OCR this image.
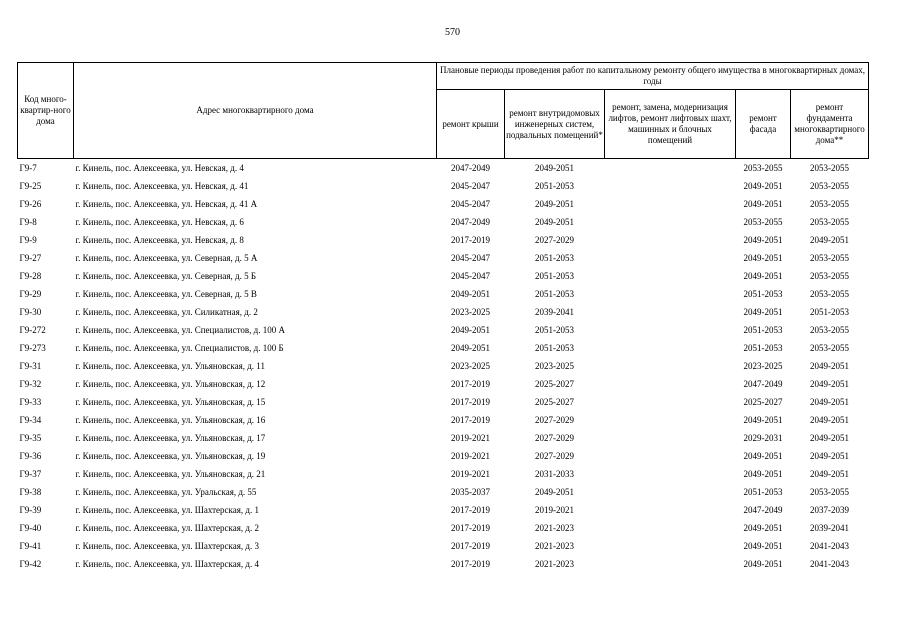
570
Код много-квартир-ного дома	Адрес многоквартирного дома	Плановые периоды проведения работ по капитальному ремонту общего имущества в многоквартирных домах, годы				
		ремонт крыши	ремонт внутридомовых инженерных систем, подвальных помещений*	ремонт, замена, модернизация лифтов, ремонт лифтовых шахт, машинных и блочных помещений	ремонт фасада	ремонт фундамента многоквартирного дома**
Г9-7	г. Кинель, пос. Алексеевка, ул. Невская, д. 4	2047-2049	2049-2051		2053-2055	2053-2055
Г9-25	г. Кинель, пос. Алексеевка, ул. Невская, д. 41	2045-2047	2051-2053		2049-2051	2053-2055
Г9-26	г. Кинель, пос. Алексеевка, ул. Невская, д. 41 А	2045-2047	2049-2051		2049-2051	2053-2055
Г9-8	г. Кинель, пос. Алексеевка, ул. Невская, д. 6	2047-2049	2049-2051		2053-2055	2053-2055
Г9-9	г. Кинель, пос. Алексеевка, ул. Невская, д. 8	2017-2019	2027-2029		2049-2051	2049-2051
Г9-27	г. Кинель, пос. Алексеевка, ул. Северная, д. 5 А	2045-2047	2051-2053		2049-2051	2053-2055
Г9-28	г. Кинель, пос. Алексеевка, ул. Северная, д. 5 Б	2045-2047	2051-2053		2049-2051	2053-2055
Г9-29	г. Кинель, пос. Алексеевка, ул. Северная, д. 5 В	2049-2051	2051-2053		2051-2053	2053-2055
Г9-30	г. Кинель, пос. Алексеевка, ул. Силикатная, д. 2	2023-2025	2039-2041		2049-2051	2051-2053
Г9-272	г. Кинель, пос. Алексеевка, ул. Специалистов, д. 100 А	2049-2051	2051-2053		2051-2053	2053-2055
Г9-273	г. Кинель, пос. Алексеевка, ул. Специалистов, д. 100 Б	2049-2051	2051-2053		2051-2053	2053-2055
Г9-31	г. Кинель, пос. Алексеевка, ул. Ульяновская, д. 11	2023-2025	2023-2025		2023-2025	2049-2051
Г9-32	г. Кинель, пос. Алексеевка, ул. Ульяновская, д. 12	2017-2019	2025-2027		2047-2049	2049-2051
Г9-33	г. Кинель, пос. Алексеевка, ул. Ульяновская, д. 15	2017-2019	2025-2027		2025-2027	2049-2051
Г9-34	г. Кинель, пос. Алексеевка, ул. Ульяновская, д. 16	2017-2019	2027-2029		2049-2051	2049-2051
Г9-35	г. Кинель, пос. Алексеевка, ул. Ульяновская, д. 17	2019-2021	2027-2029		2029-2031	2049-2051
Г9-36	г. Кинель, пос. Алексеевка, ул. Ульяновская, д. 19	2019-2021	2027-2029		2049-2051	2049-2051
Г9-37	г. Кинель, пос. Алексеевка, ул. Ульяновская, д. 21	2019-2021	2031-2033		2049-2051	2049-2051
Г9-38	г. Кинель, пос. Алексеевка, ул. Уральская, д. 55	2035-2037	2049-2051		2051-2053	2053-2055
Г9-39	г. Кинель, пос. Алексеевка, ул. Шахтерская, д. 1	2017-2019	2019-2021		2047-2049	2037-2039
Г9-40	г. Кинель, пос. Алексеевка, ул. Шахтерская, д. 2	2017-2019	2021-2023		2049-2051	2039-2041
Г9-41	г. Кинель, пос. Алексеевка, ул. Шахтерская, д. 3	2017-2019	2021-2023		2049-2051	2041-2043
Г9-42	г. Кинель, пос. Алексеевка, ул. Шахтерская, д. 4	2017-2019	2021-2023		2049-2051	2041-2043
